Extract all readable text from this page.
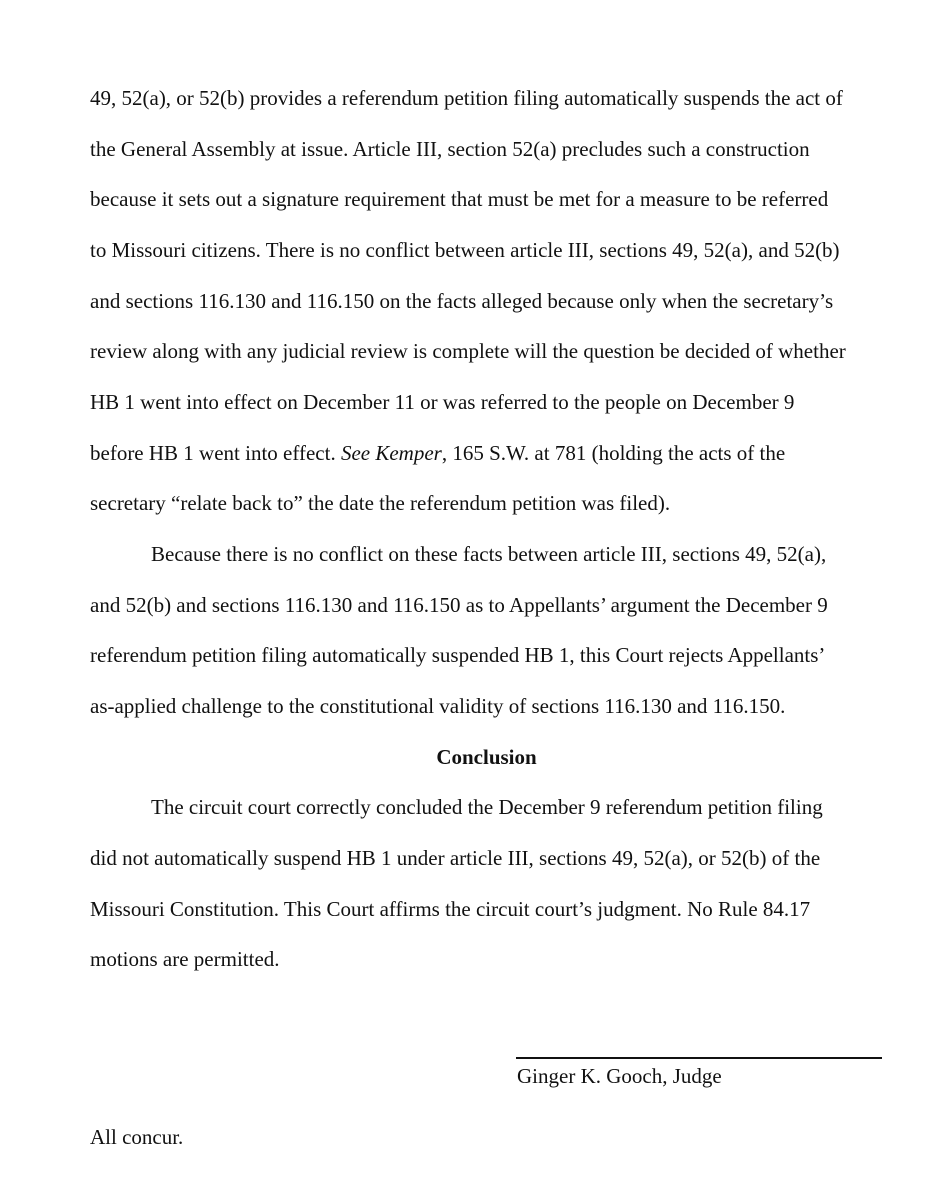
49, 52(a), or 52(b) provides a referendum petition filing automatically suspends the act of

the General Assembly at issue. Article III, section 52(a) precludes such a construction

because it sets out a signature requirement that must be met for a measure to be referred

to Missouri citizens. There is no conflict between article III, sections 49, 52(a), and 52(b)

and sections 116.130 and 116.150 on the facts alleged because only when the secretary’s

review along with any judicial review is complete will the question be decided of whether

HB 1 went into effect on December 11 or was referred to the people on December 9

before HB 1 went into effect. See Kemper, 165 S.W. at 781 (holding the acts of the

secretary “relate back to” the date the referendum petition was filed).

Because there is no conflict on these facts between article III, sections 49, 52(a),

and 52(b) and sections 116.130 and 116.150 as to Appellants’ argument the December 9

referendum petition filing automatically suspended HB 1, this Court rejects Appellants’

as-applied challenge to the constitutional validity of sections 116.130 and 116.150.

Conclusion

The circuit court correctly concluded the December 9 referendum petition filing

did not automatically suspend HB 1 under article III, sections 49, 52(a), or 52(b) of the

Missouri Constitution. This Court affirms the circuit court’s judgment. No Rule 84.17

motions are permitted.

Ginger K. Gooch, Judge

All concur.
